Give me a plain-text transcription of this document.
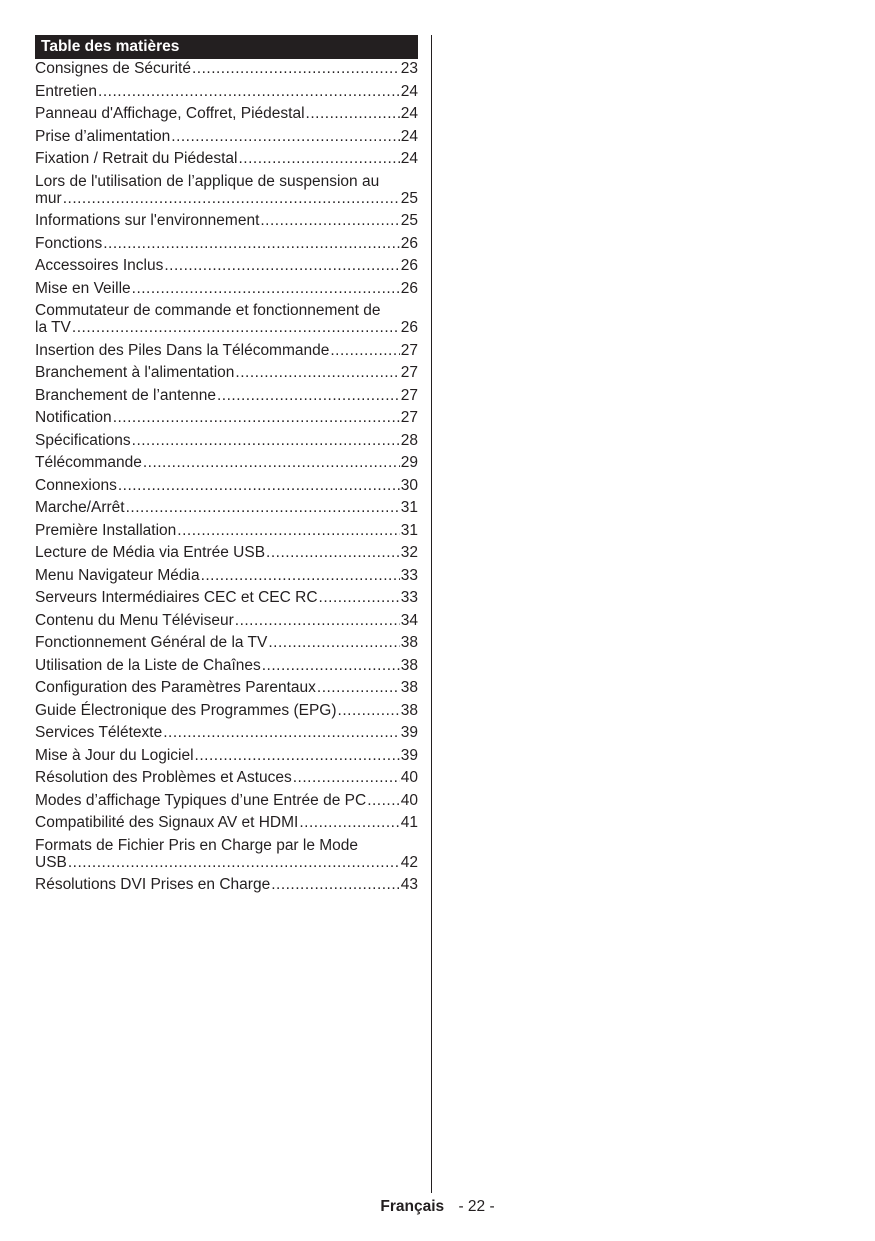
Table des matières
Consignes de Sécurité .....	23
Entretien .....	24
Panneau d'Affichage, Coffret, Piédestal .....	24
Prise d’alimentation .....	24
Fixation / Retrait du Piédestal .....	24
Lors de l'utilisation de l’applique de suspension au
mur .....	25
Informations sur l'environnement .....	25
Fonctions .....	26
Accessoires Inclus .....	26
Mise en Veille .....	26
Commutateur de commande et fonctionnement de
la TV .....	26
Insertion des Piles Dans la Télécommande .....	27
Branchement à l'alimentation .....	27
Branchement de l’antenne .....	27
Notification .....	27
Spécifications .....	28
Télécommande .....	29
Connexions .....	30
Marche/Arrêt .....	31
Première Installation .....	31
Lecture de Média via Entrée USB .....	32
Menu Navigateur Média .....	33
Serveurs Intermédiaires CEC et CEC RC .....	33
Contenu du Menu Téléviseur .....	34
Fonctionnement Général de la TV .....	38
Utilisation de la Liste de Chaînes .....	38
Configuration des Paramètres Parentaux .....	38
Guide Électronique des Programmes (EPG) .....	38
Services Télétexte .....	39
Mise à Jour du Logiciel .....	39
Résolution des Problèmes et Astuces .....	40
Modes d’affichage Typiques d’une Entrée de PC ..... 40
Compatibilité des Signaux AV et HDMI .....	41
Formats de Fichier Pris en Charge par le Mode
USB .....	42
Résolutions DVI Prises en Charge .....	43
Français - 22 -
